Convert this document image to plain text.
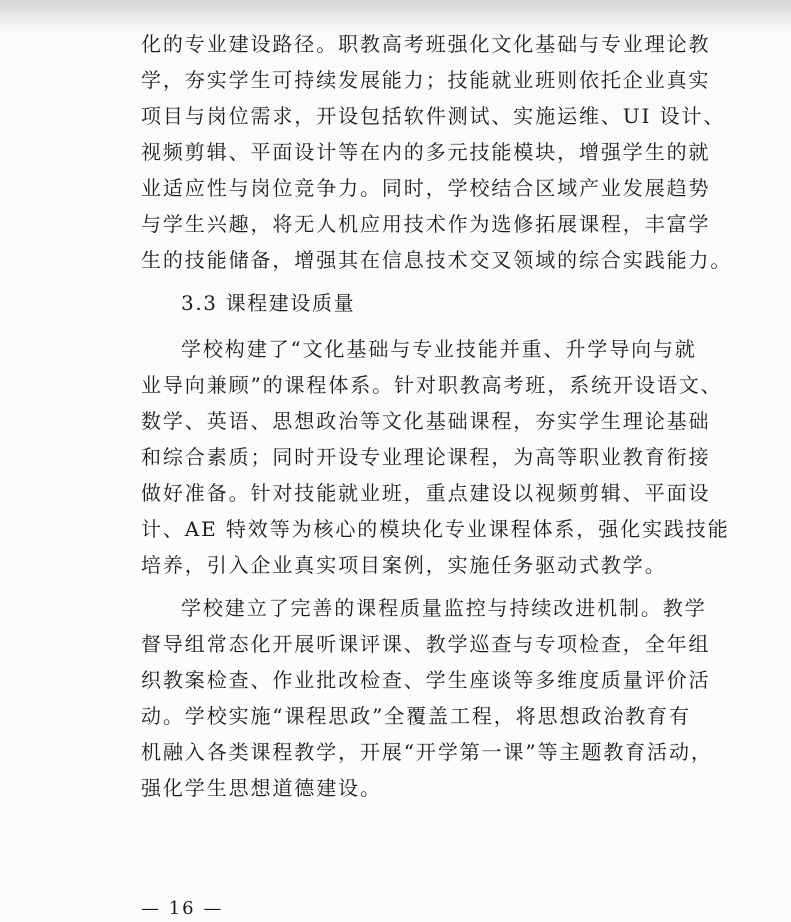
化的专业建设路径。职教高考班强化文化基础与专业理论教
学，夯实学生可持续发展能力；技能就业班则依托企业真实
项目与岗位需求，开设包括软件测试、实施运维、UI 设计、
视频剪辑、平面设计等在内的多元技能模块，增强学生的就
业适应性与岗位竞争力。同时，学校结合区域产业发展趋势
与学生兴趣，将无人机应用技术作为选修拓展课程，丰富学
生的技能储备，增强其在信息技术交叉领域的综合实践能力。
3.3 课程建设质量
学校构建了“文化基础与专业技能并重、升学导向与就
业导向兼顾”的课程体系。针对职教高考班，系统开设语文、
数学、英语、思想政治等文化基础课程，夯实学生理论基础
和综合素质；同时开设专业理论课程，为高等职业教育衔接
做好准备。针对技能就业班，重点建设以视频剪辑、平面设
计、AE 特效等为核心的模块化专业课程体系，强化实践技能
培养，引入企业真实项目案例，实施任务驱动式教学。
学校建立了完善的课程质量监控与持续改进机制。教学
督导组常态化开展听课评课、教学巡查与专项检查，全年组
织教案检查、作业批改检查、学生座谈等多维度质量评价活
动。学校实施“课程思政”全覆盖工程，将思想政治教育有
机融入各类课程教学，开展“开学第一课”等主题教育活动，
强化学生思想道德建设。
— 16 —
